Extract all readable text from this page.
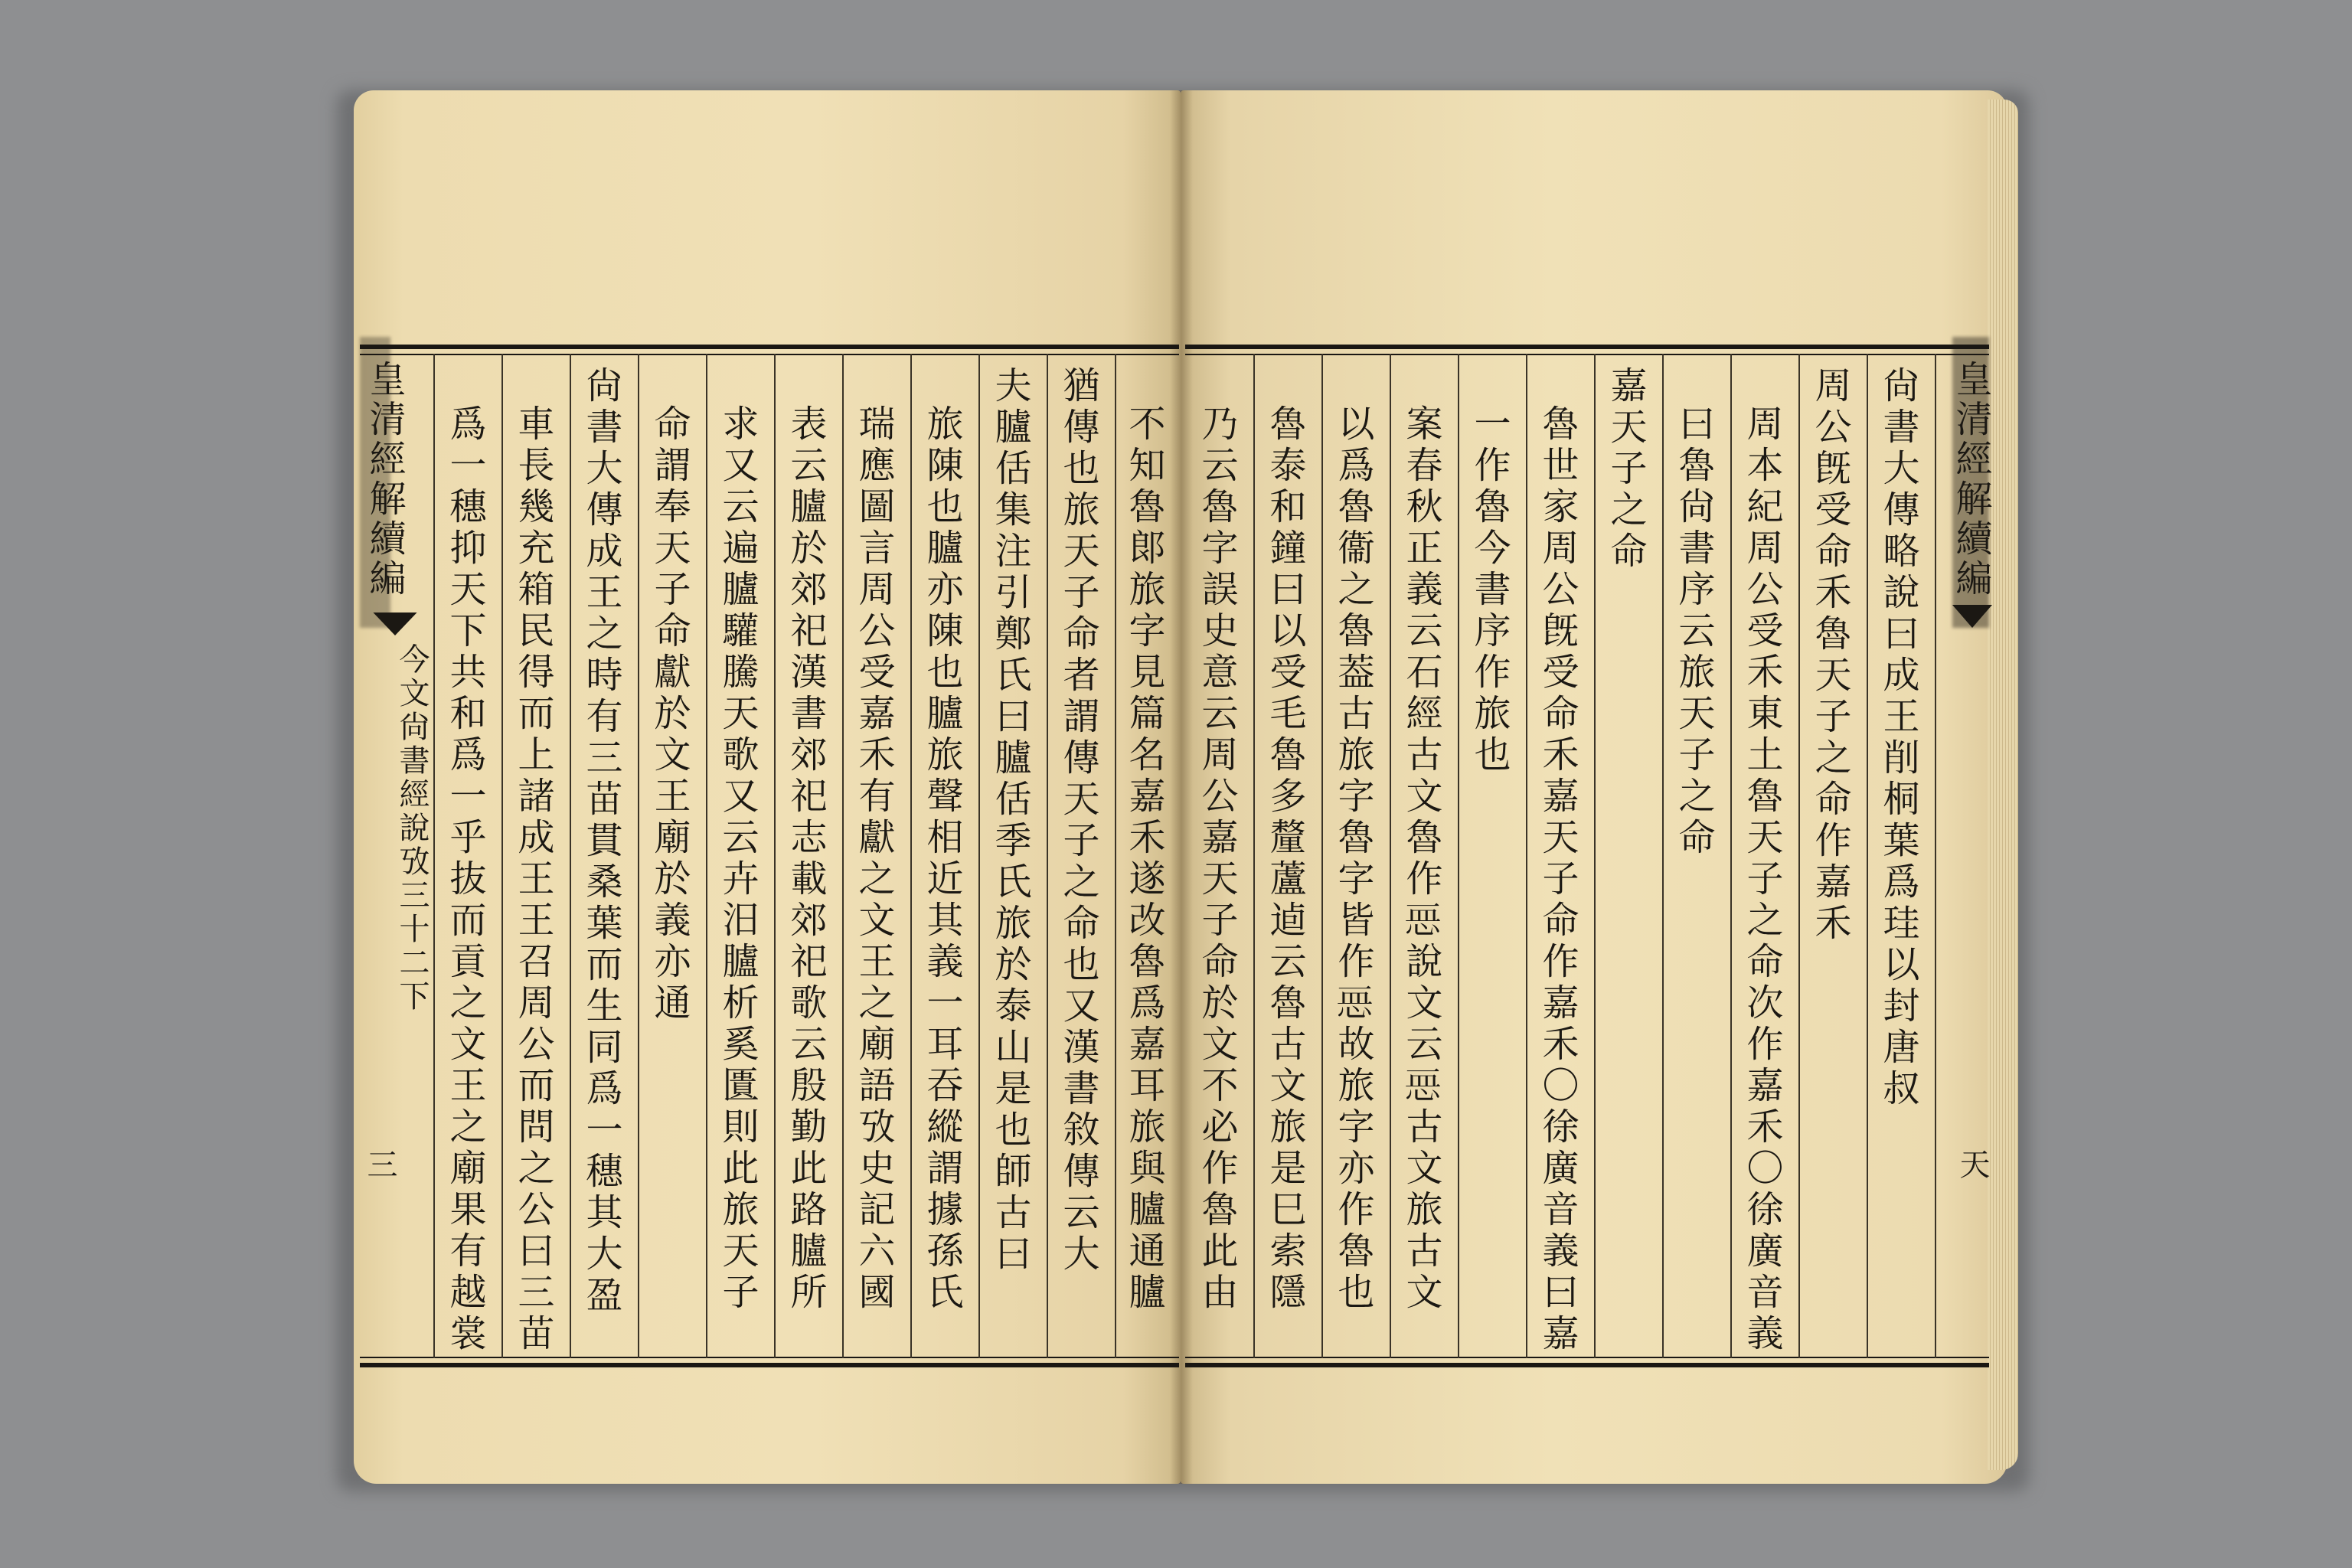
皇清經解續編
今文尙書經說攷三十二下
三	不知魯郞旅字見篇名嘉禾遂改魯爲嘉耳旅與臚通臚
猶傳也旅天子命者謂傳天子之命也又漢書敘傳云大
夫臚佸集注引鄭氏曰臚佸季氏旅於泰山是也師古曰
旅陳也臚亦陳也臚旅聲相近其義一耳吞縱謂據孫氏
瑞應圖言周公受嘉禾有獻之文王之廟語攷史記六國
表云臚於郊祀漢書郊祀志載郊祀歌云殷勤此路臚所
求又云遍臚驩騰天歌又云卉汨臚析奚匱則此旅天子
命謂奉天子命獻於文王廟於義亦通
尙書大傳成王之時有三苗貫桑葉而生同爲一穗其大盈
車長幾充箱民得而上諸成王王召周公而問之公曰三苗
爲一穗抑天下共和爲一乎抜而貢之文王之廟果有越裳	尙書大傳略說曰成王削桐葉爲珪以封唐叔
周公旣受命禾魯天子之命作嘉禾
周本紀周公受禾東土魯天子之命次作嘉禾〇徐廣音義
曰魯尙書序云旅天子之命
嘉天子之命
魯世家周公旣受命禾嘉天子命作嘉禾〇徐廣音義曰嘉
一作魯今書序作旅也
案春秋正義云石經古文魯作𢙂說文云𢙂古文旅古文
以爲魯衞之魯葢古旅字魯字皆作𢙂故旅字亦作魯也
魯泰和鐘曰以受毛魯多釐蘆逌云魯古文旅是巳索隱
乃云魯字誤史意云周公嘉天子命於文不必作魯此由	皇清經解續編
天
